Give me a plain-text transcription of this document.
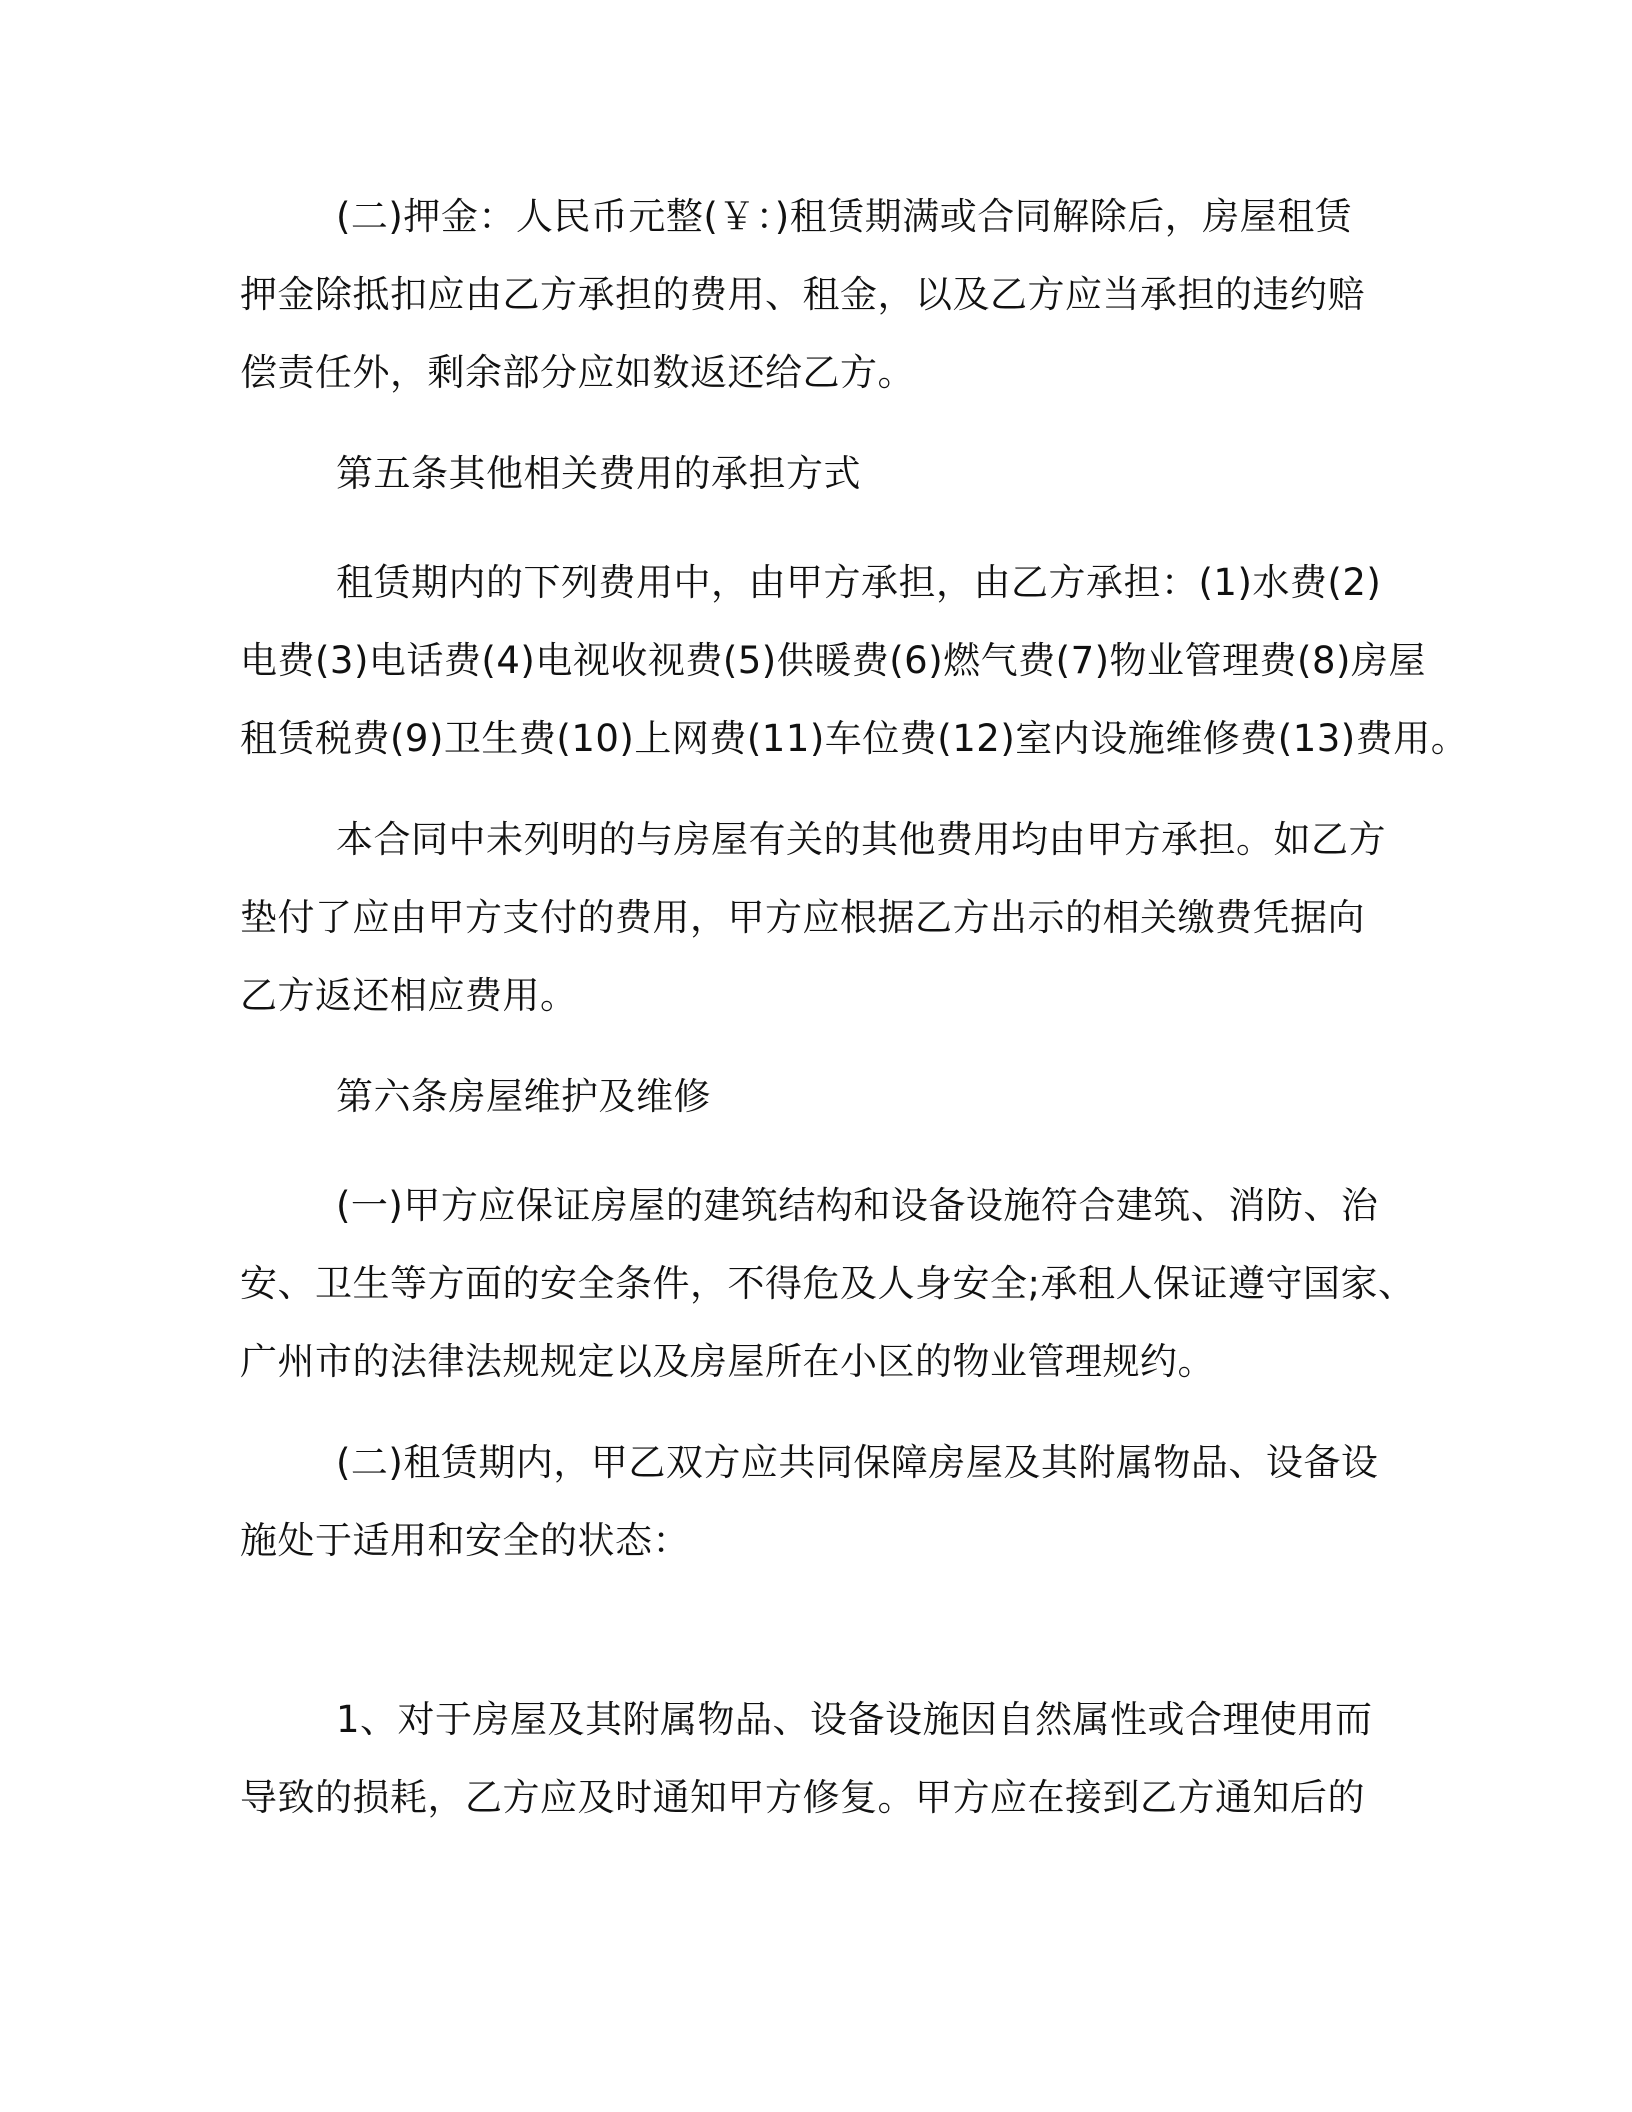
(二)押金：人民币元整(￥：)租赁期满或合同解除后，房屋租赁
押金除抵扣应由乙方承担的费用、租金，以及乙方应当承担的违约赔
偿责任外，剩余部分应如数返还给乙方。
第五条其他相关费用的承担方式
租赁期内的下列费用中，由甲方承担，由乙方承担：(1)水费(2)
电费(3)电话费(4)电视收视费(5)供暖费(6)燃气费(7)物业管理费(8)房屋
租赁税费(9)卫生费(10)上网费(11)车位费(12)室内设施维修费(13)费用。
本合同中未列明的与房屋有关的其他费用均由甲方承担。如乙方
垫付了应由甲方支付的费用，甲方应根据乙方出示的相关缴费凭据向
乙方返还相应费用。
第六条房屋维护及维修
(一)甲方应保证房屋的建筑结构和设备设施符合建筑、消防、治
安、卫生等方面的安全条件，不得危及人身安全;承租人保证遵守国家、
广州市的法律法规规定以及房屋所在小区的物业管理规约。
(二)租赁期内，甲乙双方应共同保障房屋及其附属物品、设备设
施处于适用和安全的状态：
1、对于房屋及其附属物品、设备设施因自然属性或合理使用而
导致的损耗，乙方应及时通知甲方修复。甲方应在接到乙方通知后的
